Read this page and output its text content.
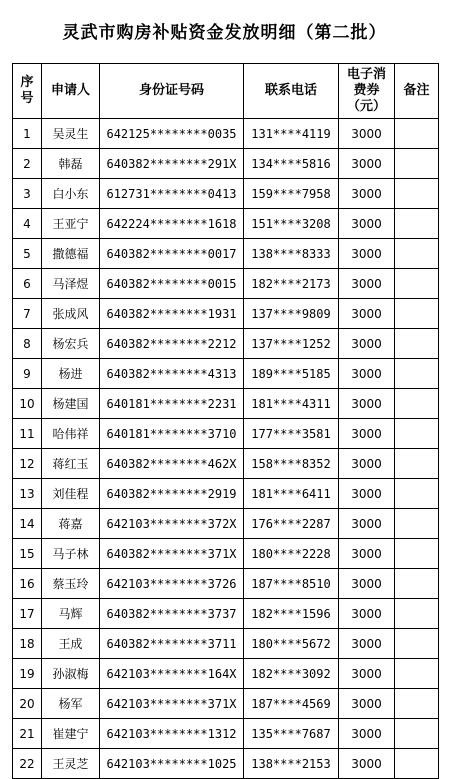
灵武市购房补贴资金发放明细（第二批）
序号	申请人	身份证号码	联系电话	电子消费券（元）	备注
1	吴灵生	642125********0035	131****4119	3000	
2	韩磊	640382********291X	134****5816	3000	
3	白小东	612731********0413	159****7958	3000	
4	王亚宁	642224********1618	151****3208	3000	
5	撒德福	640382********0017	138****8333	3000	
6	马泽煜	640382********0015	182****2173	3000	
7	张成风	640382********1931	137****9809	3000	
8	杨宏兵	640382********2212	137****1252	3000	
9	杨进	640382********4313	189****5185	3000	
10	杨建国	640181********2231	181****4311	3000	
11	哈伟祥	640181********3710	177****3581	3000	
12	蒋红玉	640382********462X	158****8352	3000	
13	刘佳程	640382********2919	181****6411	3000	
14	蒋嘉	642103********372X	176****2287	3000	
15	马子林	640382********371X	180****2228	3000	
16	蔡玉玲	642103********3726	187****8510	3000	
17	马辉	640382********3737	182****1596	3000	
18	王成	640382********3711	180****5672	3000	
19	孙淑梅	642103********164X	182****3092	3000	
20	杨军	642103********371X	187****4569	3000	
21	崔建宁	642103********1312	135****7687	3000	
22	王灵芝	642103********1025	138****2153	3000	
